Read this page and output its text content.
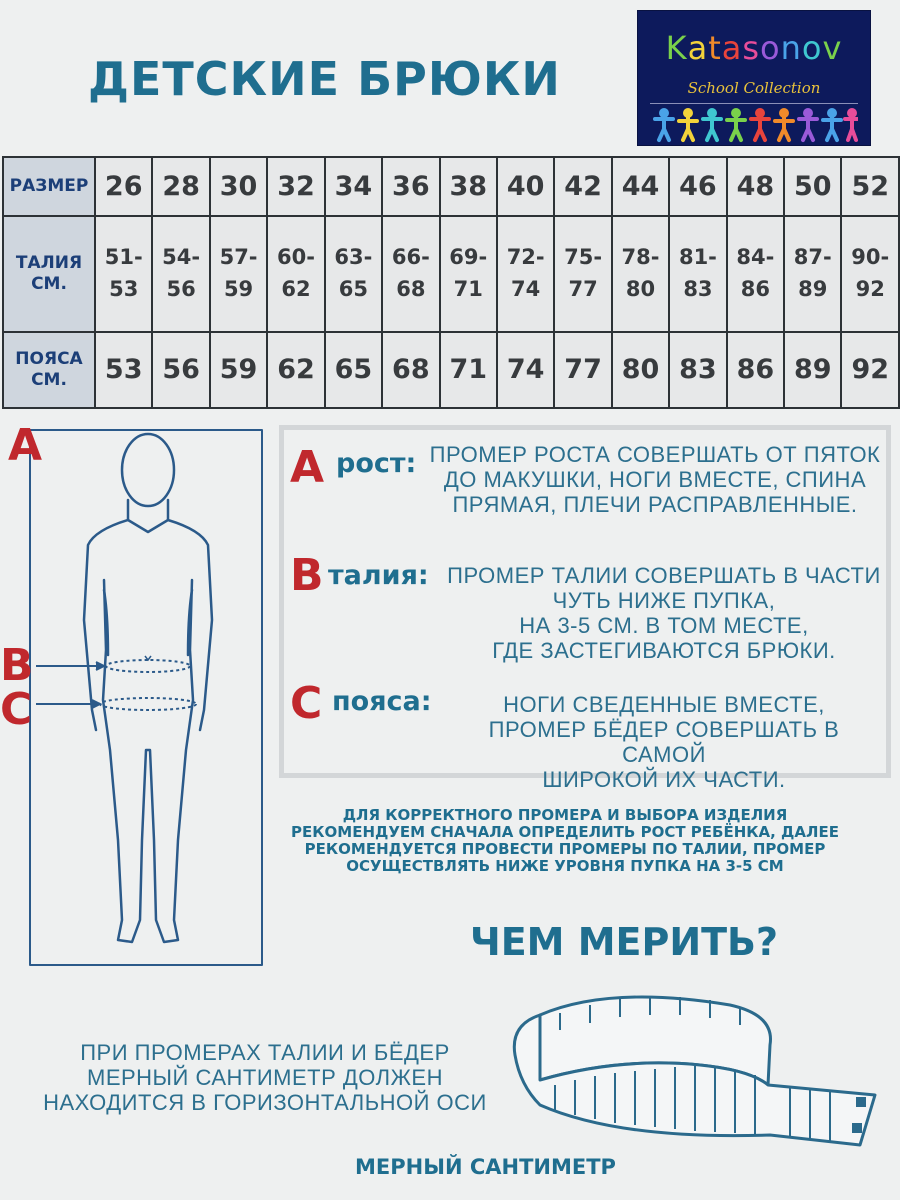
ДЕТСКИЕ БРЮКИ
Katasonov
School Collection
РАЗМЕР	26	28	30	32	34	36	38	40	42	44	46	48	50	52
ТАЛИЯ СМ.	51- 53	54- 56	57- 59	60- 62	63- 65	66- 68	69- 71	72- 74	75- 77	78- 80	81- 83	84- 86	87- 89	90- 92
ПОЯСА СМ.	53	56	59	62	65	68	71	74	77	80	83	86	89	92
A
B
C
A рост: ПРОМЕР РОСТА СОВЕРШАТЬ ОТ ПЯТОК
ДО МАКУШКИ, НОГИ ВМЕСТЕ, СПИНА
ПРЯМАЯ, ПЛЕЧИ РАСПРАВЛЕННЫЕ.
B талия: ПРОМЕР ТАЛИИ СОВЕРШАТЬ В ЧАСТИ
ЧУТЬ НИЖЕ ПУПКА,
НА 3-5 СМ. В ТОМ МЕСТЕ,
ГДЕ ЗАСТЕГИВАЮТСЯ БРЮКИ.
C пояса:	НОГИ СВЕДЕННЫЕ ВМЕСТЕ,
ПРОМЕР БЁДЕР СОВЕРШАТЬ В САМОЙ
ШИРОКОЙ ИХ ЧАСТИ.
ДЛЯ КОРРЕКТНОГО ПРОМЕРА И ВЫБОРА ИЗДЕЛИЯ
РЕКОМЕНДУЕМ СНАЧАЛА ОПРЕДЕЛИТЬ РОСТ РЕБЁНКА, ДАЛЕЕ
РЕКОМЕНДУЕТСЯ ПРОВЕСТИ ПРОМЕРЫ ПО ТАЛИИ, ПРОМЕР
ОСУЩЕСТВЛЯТЬ НИЖЕ УРОВНЯ ПУПКА НА 3-5 СМ
ЧЕМ МЕРИТЬ?
ПРИ ПРОМЕРАХ ТАЛИИ И БЁДЕР
МЕРНЫЙ САНТИМЕТР ДОЛЖЕН
НАХОДИТСЯ В ГОРИЗОНТАЛЬНОЙ ОСИ
МЕРНЫЙ САНТИМЕТР
